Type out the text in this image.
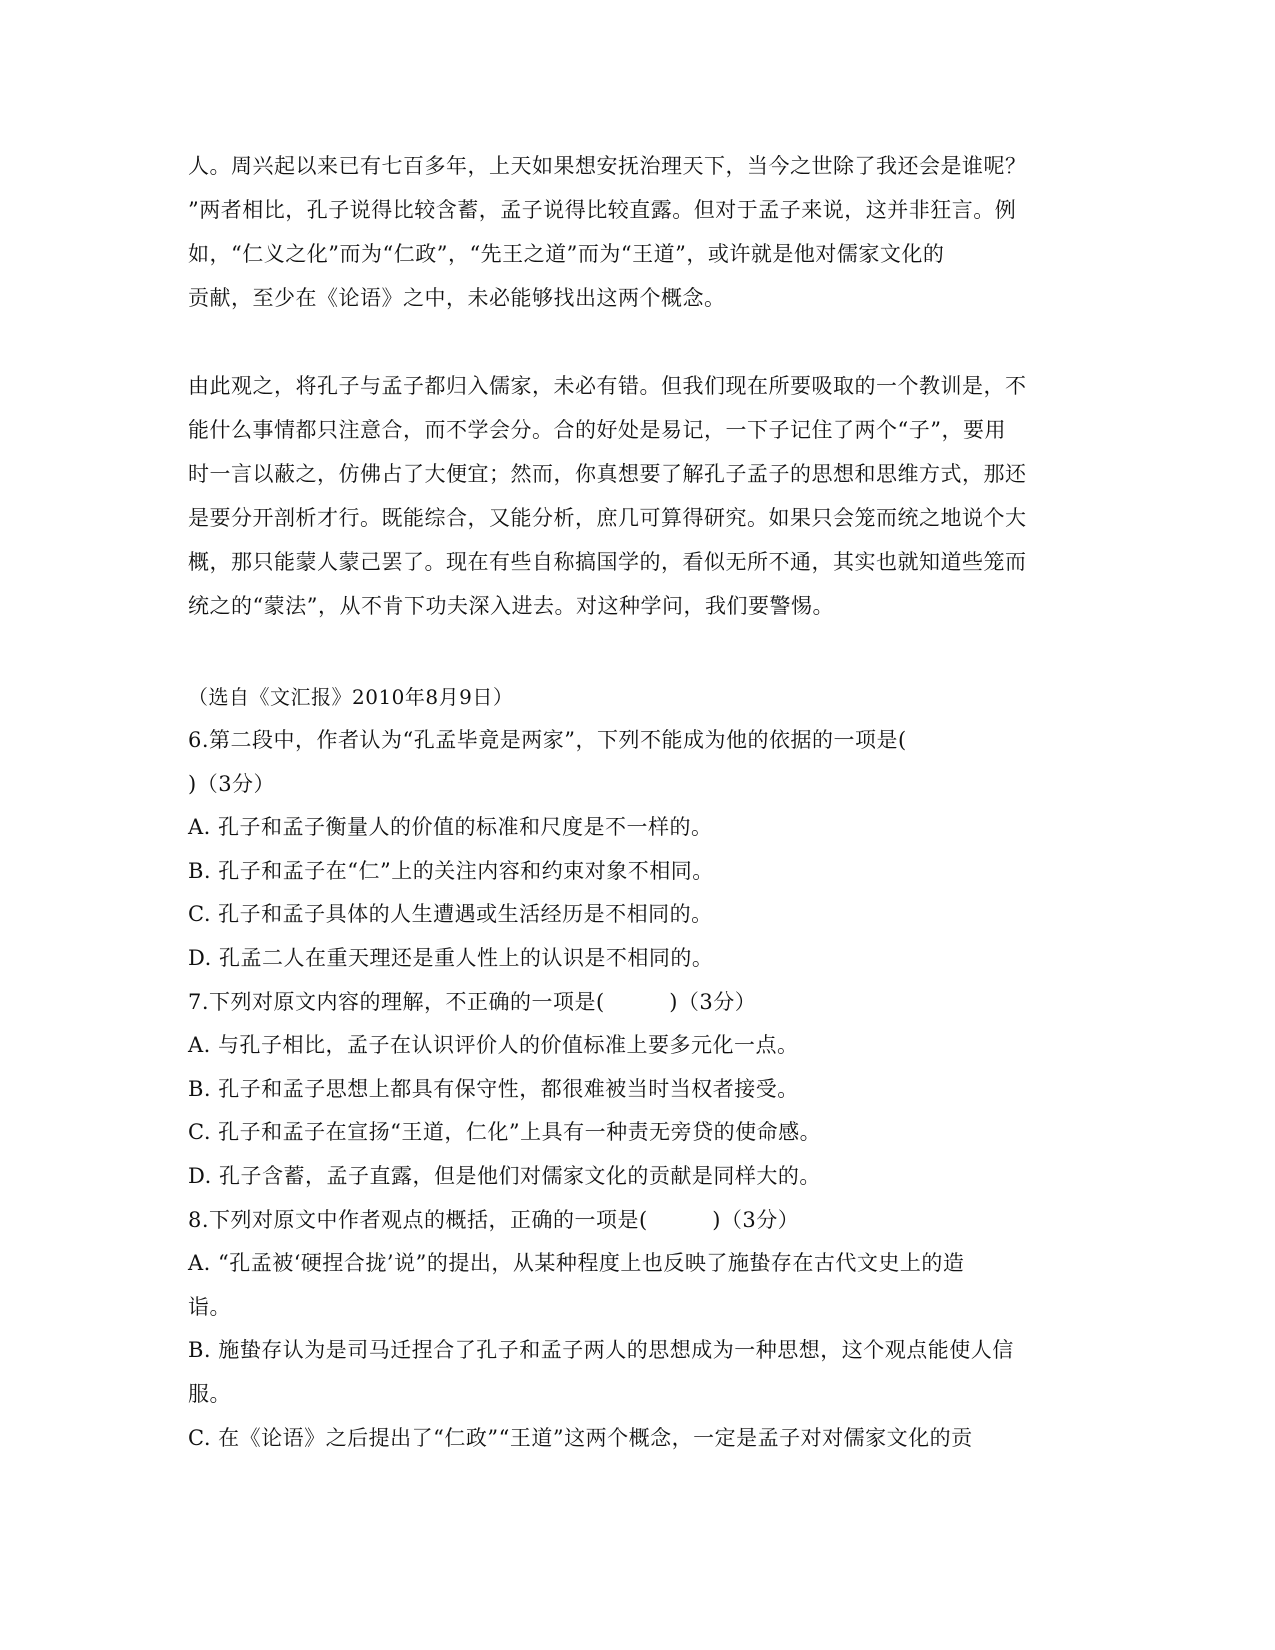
人。周兴起以来已有七百多年，上天如果想安抚治理天下，当今之世除了我还会是谁呢？
”两者相比，孔子说得比较含蓄，孟子说得比较直露。但对于孟子来说，这并非狂言。例
如，“仁义之化”而为“仁政”，“先王之道”而为“王道”，或许就是他对儒家文化的
贡献，至少在《论语》之中，未必能够找出这两个概念。
由此观之，将孔子与孟子都归入儒家，未必有错。但我们现在所要吸取的一个教训是，不
能什么事情都只注意合，而不学会分。合的好处是易记，一下子记住了两个“子”，要用
时一言以蔽之，仿佛占了大便宜；然而，你真想要了解孔子孟子的思想和思维方式，那还
是要分开剖析才行。既能综合，又能分析，庶几可算得研究。如果只会笼而统之地说个大
概，那只能蒙人蒙己罢了。现在有些自称搞国学的，看似无所不通，其实也就知道些笼而
统之的“蒙法”，从不肯下功夫深入进去。对这种学问，我们要警惕。
（选自《文汇报》2010年8月9日）
6.第二段中，作者认为“孔孟毕竟是两家”，下列不能成为他的依据的一项是(
)（3分）
A. 孔子和孟子衡量人的价值的标准和尺度是不一样的。
B. 孔子和孟子在“仁”上的关注内容和约束对象不相同。
C. 孔子和孟子具体的人生遭遇或生活经历是不相同的。
D. 孔孟二人在重天理还是重人性上的认识是不相同的。
7.下列对原文内容的理解，不正确的一项是(　　　)（3分）
A. 与孔子相比，孟子在认识评价人的价值标准上要多元化一点。
B. 孔子和孟子思想上都具有保守性，都很难被当时当权者接受。
C. 孔子和孟子在宣扬“王道，仁化”上具有一种责无旁贷的使命感。
D. 孔子含蓄，孟子直露，但是他们对儒家文化的贡献是同样大的。
8.下列对原文中作者观点的概括，正确的一项是(　　　)（3分）
A. “孔孟被‘硬捏合拢’说”的提出，从某种程度上也反映了施蛰存在古代文史上的造
诣。
B. 施蛰存认为是司马迁捏合了孔子和孟子两人的思想成为一种思想，这个观点能使人信
服。
C. 在《论语》之后提出了“仁政”“王道”这两个概念，一定是孟子对对儒家文化的贡
